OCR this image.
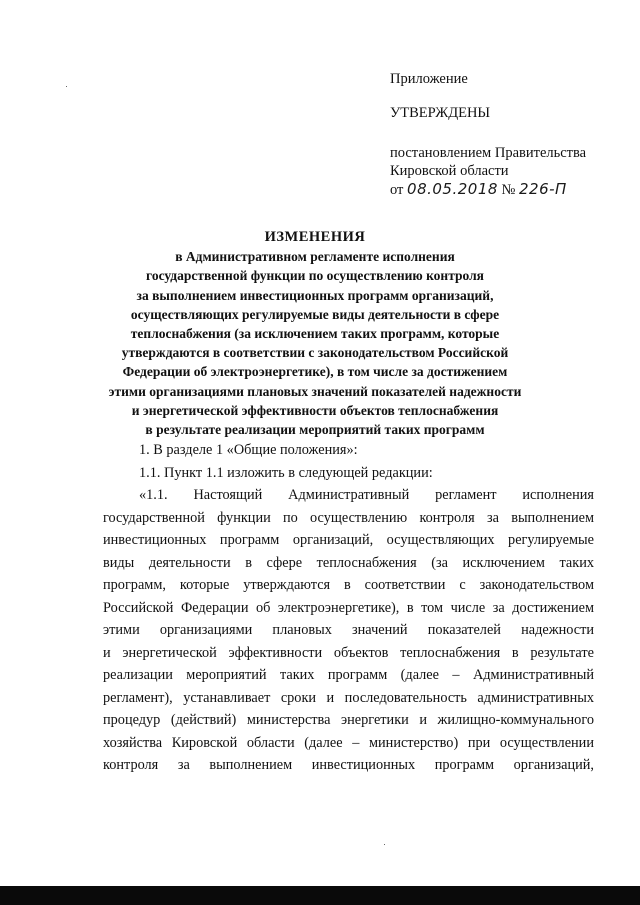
Приложение
УТВЕРЖДЕНЫ
постановлением Правительства
Кировской области
от 08.05.2018 № 226-П
ИЗМЕНЕНИЯ
в Административном регламенте исполнения
государственной функции по осуществлению контроля
за выполнением инвестиционных программ организаций,
осуществляющих регулируемые виды деятельности в сфере
теплоснабжения (за исключением таких программ, которые
утверждаются в соответствии с законодательством Российской
Федерации об электроэнергетике), в том числе за достижением
этими организациями плановых значений показателей надежности
и энергетической эффективности объектов теплоснабжения
в результате реализации мероприятий таких программ
1. В разделе 1 «Общие положения»:
1.1. Пункт 1.1 изложить в следующей редакции:
«1.1. Настоящий Административный регламент исполнения
государственной функции по осуществлению контроля за выполнением
инвестиционных программ организаций, осуществляющих регулируемые
виды деятельности в сфере теплоснабжения (за исключением таких
программ, которые утверждаются в соответствии с законодательством
Российской Федерации об электроэнергетике), в том числе за достижением
этими организациями плановых значений показателей надежности
и энергетической эффективности объектов теплоснабжения в результате
реализации мероприятий таких программ (далее – Административный
регламент), устанавливает сроки и последовательность административных
процедур (действий) министерства энергетики и жилищно-коммунального
хозяйства Кировской области (далее – министерство) при осуществлении
контроля за выполнением инвестиционных программ организаций,
